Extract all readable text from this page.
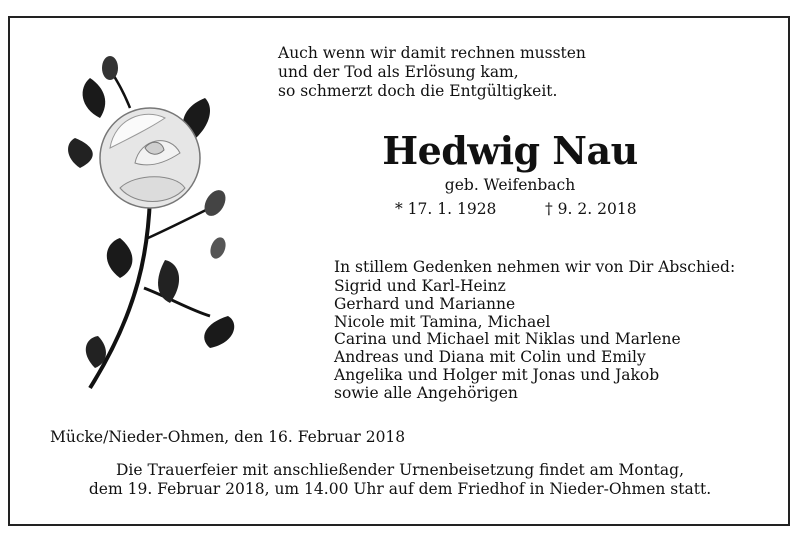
Auch wenn wir damit rechnen mussten
und der Tod als Erlösung kam,
so schmerzt doch die Entgültigkeit.
Hedwig Nau
geb. Weifenbach
* 17. 1. 1928	† 9. 2. 2018
In stillem Gedenken nehmen wir von Dir Abschied:
Sigrid und Karl-Heinz
Gerhard und Marianne
Nicole mit Tamina, Michael
Carina und Michael mit Niklas und Marlene
Andreas und Diana mit Colin und Emily
Angelika und Holger mit Jonas und Jakob
sowie alle Angehörigen
Mücke/Nieder-Ohmen, den 16. Februar 2018
Die Trauerfeier mit anschließender Urnenbeisetzung findet am Montag,
dem 19. Februar 2018, um 14.00 Uhr auf dem Friedhof in Nieder-Ohmen statt.
